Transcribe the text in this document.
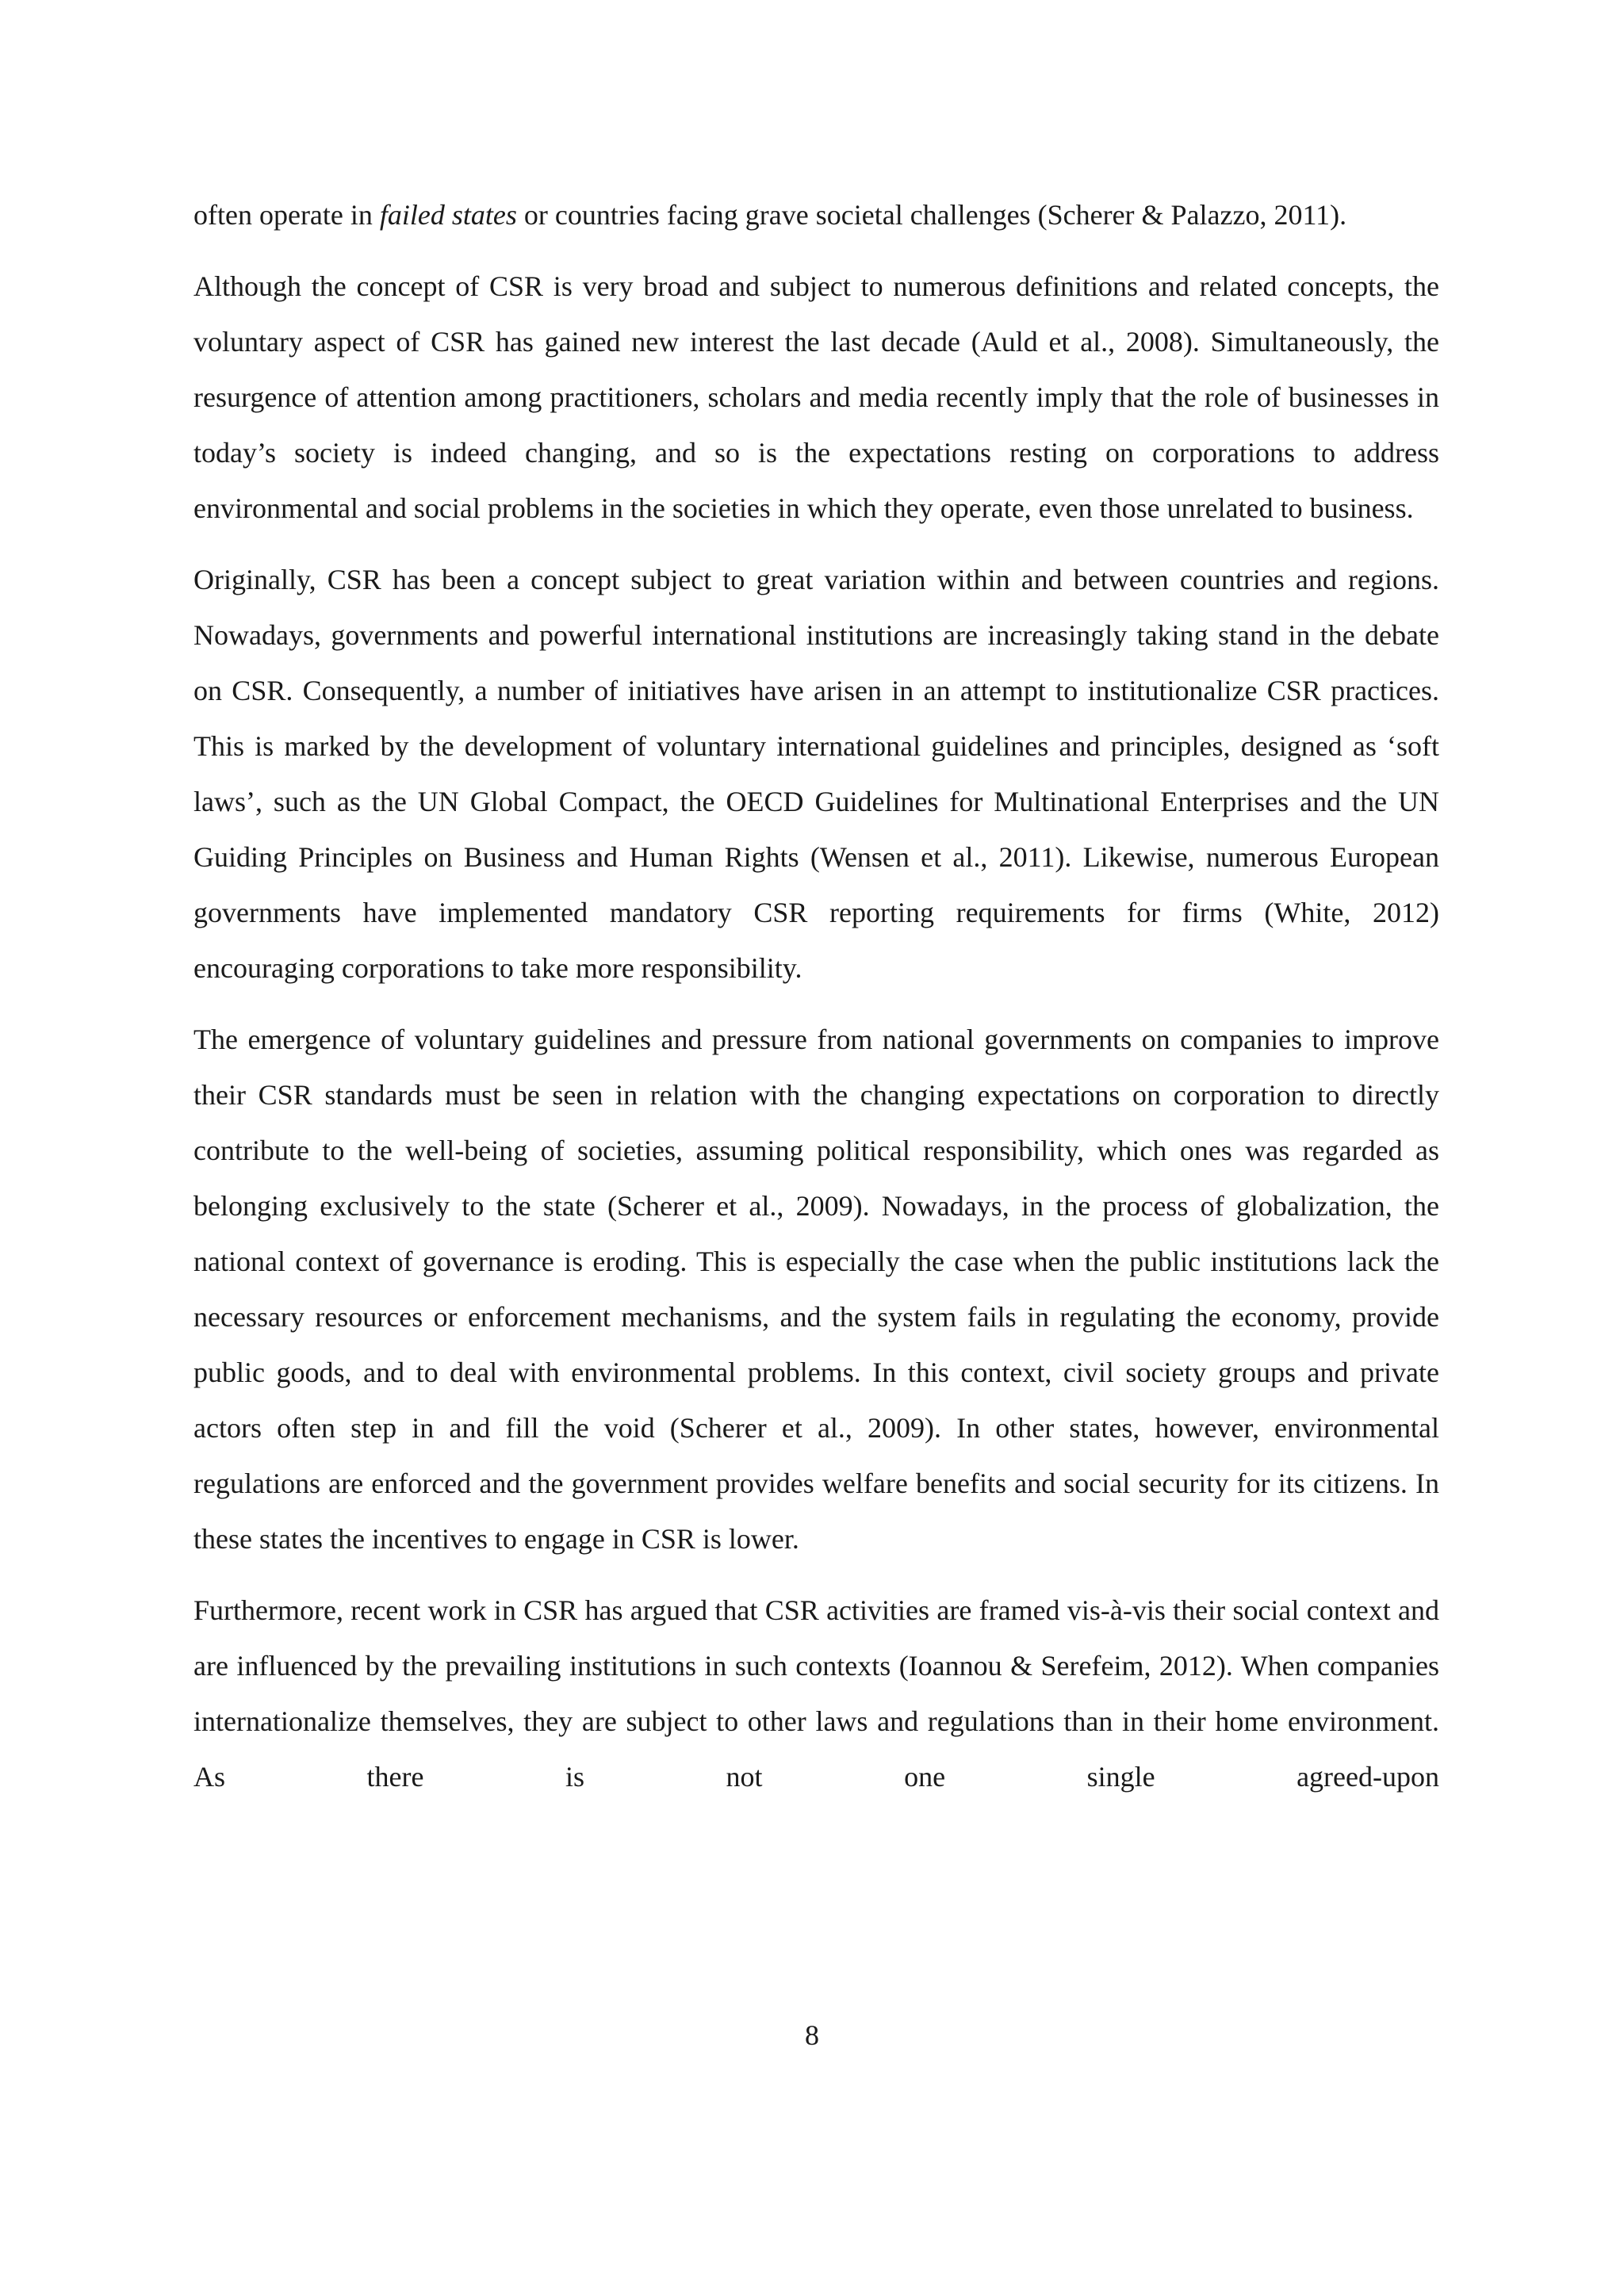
often operate in failed states or countries facing grave societal challenges (Scherer & Palazzo, 2011).

Although the concept of CSR is very broad and subject to numerous definitions and related concepts, the voluntary aspect of CSR has gained new interest the last decade (Auld et al., 2008). Simultaneously, the resurgence of attention among practitioners, scholars and media recently imply that the role of businesses in today’s society is indeed changing, and so is the expectations resting on corporations to address environmental and social problems in the societies in which they operate, even those unrelated to business.

Originally, CSR has been a concept subject to great variation within and between countries and regions. Nowadays, governments and powerful international institutions are increasingly taking stand in the debate on CSR. Consequently, a number of initiatives have arisen in an attempt to institutionalize CSR practices. This is marked by the development of voluntary international guidelines and principles, designed as ‘soft laws’, such as the UN Global Compact, the OECD Guidelines for Multinational Enterprises and the UN Guiding Principles on Business and Human Rights (Wensen et al., 2011). Likewise, numerous European governments have implemented mandatory CSR reporting requirements for firms (White, 2012) encouraging corporations to take more responsibility.

The emergence of voluntary guidelines and pressure from national governments on companies to improve their CSR standards must be seen in relation with the changing expectations on corporation to directly contribute to the well-being of societies, assuming political responsibility, which ones was regarded as belonging exclusively to the state (Scherer et al., 2009). Nowadays, in the process of globalization, the national context of governance is eroding. This is especially the case when the public institutions lack the necessary resources or enforcement mechanisms, and the system fails in regulating the economy, provide public goods, and to deal with environmental problems. In this context, civil society groups and private actors often step in and fill the void (Scherer et al., 2009). In other states, however, environmental regulations are enforced and the government provides welfare benefits and social security for its citizens. In these states the incentives to engage in CSR is lower.

Furthermore, recent work in CSR has argued that CSR activities are framed vis-à-vis their social context and are influenced by the prevailing institutions in such contexts (Ioannou & Serefeim, 2012). When companies internationalize themselves, they are subject to other laws and regulations than in their home environment. As there is not one single agreed-upon

8
